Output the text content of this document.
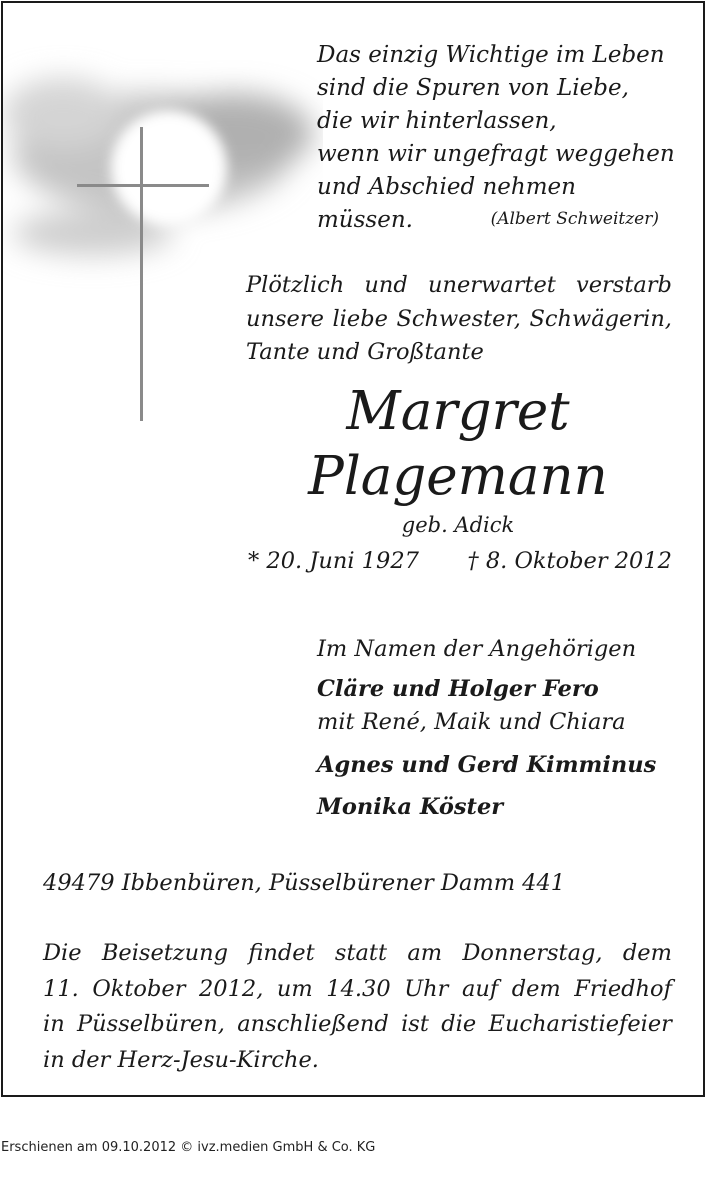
Das einzig Wichtige im Leben
sind die Spuren von Liebe,
die wir hinterlassen,
wenn wir ungefragt weggehen
und Abschied nehmen müssen.	(Albert Schweitzer)
Plötzlich und unerwartet verstarb
unsere liebe Schwester, Schwägerin,
Tante und Großtante
Margret
Plagemann
geb. Adick
* 20. Juni 1927 † 8. Oktober 2012
Im Namen der Angehörigen
Cläre und Holger Fero
mit René, Maik und Chiara
Agnes und Gerd Kimminus
Monika Köster
49479 Ibbenbüren, Püsselbürener Damm 441
Die Beisetzung findet statt am Donnerstag, dem
11. Oktober 2012, um 14.30 Uhr auf dem Friedhof
in Püsselbüren, anschließend ist die Eucharistiefeier
in der Herz-Jesu-Kirche.
Erschienen am 09.10.2012 © ivz.medien GmbH & Co. KG
